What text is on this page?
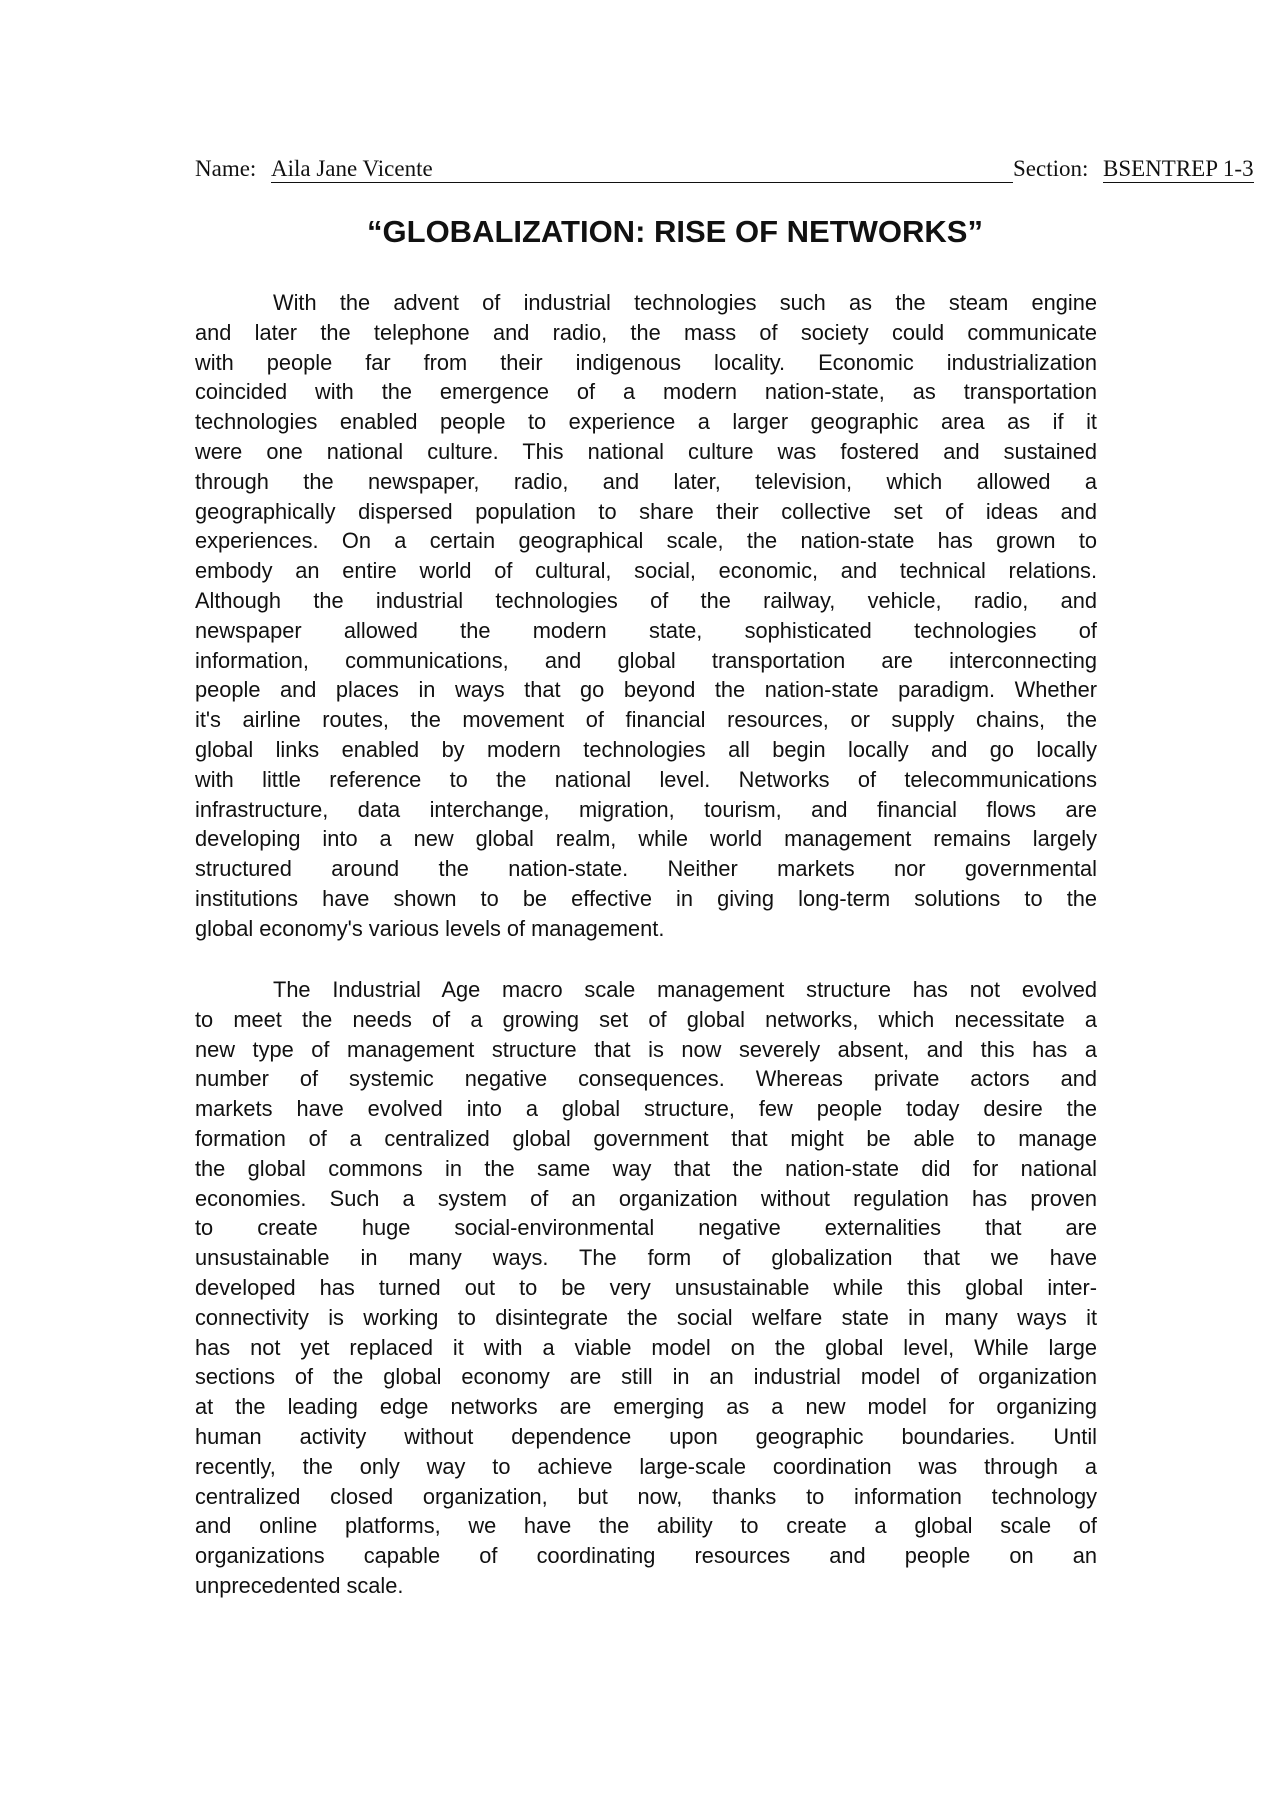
Name: Aila Jane Vicente	Section: BSENTREP 1-3
“GLOBALIZATION: RISE OF NETWORKS”
With the advent of industrial technologies such as the steam engine
and later the telephone and radio, the mass of society could communicate
with people far from their indigenous locality. Economic industrialization
coincided with the emergence of a modern nation-state, as transportation
technologies enabled people to experience a larger geographic area as if it
were one national culture. This national culture was fostered and sustained
through the newspaper, radio, and later, television, which allowed a
geographically dispersed population to share their collective set of ideas and
experiences. On a certain geographical scale, the nation-state has grown to
embody an entire world of cultural, social, economic, and technical relations.
Although the industrial technologies of the railway, vehicle, radio, and
newspaper allowed the modern state, sophisticated technologies of
information, communications, and global transportation are interconnecting
people and places in ways that go beyond the nation-state paradigm. Whether
it's airline routes, the movement of financial resources, or supply chains, the
global links enabled by modern technologies all begin locally and go locally
with little reference to the national level. Networks of telecommunications
infrastructure, data interchange, migration, tourism, and financial flows are
developing into a new global realm, while world management remains largely
structured around the nation-state. Neither markets nor governmental
institutions have shown to be effective in giving long-term solutions to the
global economy's various levels of management.
The Industrial Age macro scale management structure has not evolved
to meet the needs of a growing set of global networks, which necessitate a
new type of management structure that is now severely absent, and this has a
number of systemic negative consequences. Whereas private actors and
markets have evolved into a global structure, few people today desire the
formation of a centralized global government that might be able to manage
the global commons in the same way that the nation-state did for national
economies. Such a system of an organization without regulation has proven
to create huge social-environmental negative externalities that are
unsustainable in many ways. The form of globalization that we have
developed has turned out to be very unsustainable while this global inter-
connectivity is working to disintegrate the social welfare state in many ways it
has not yet replaced it with a viable model on the global level, While large
sections of the global economy are still in an industrial model of organization
at the leading edge networks are emerging as a new model for organizing
human activity without dependence upon geographic boundaries. Until
recently, the only way to achieve large-scale coordination was through a
centralized closed organization, but now, thanks to information technology
and online platforms, we have the ability to create a global scale of
organizations capable of coordinating resources and people on an
unprecedented scale.
